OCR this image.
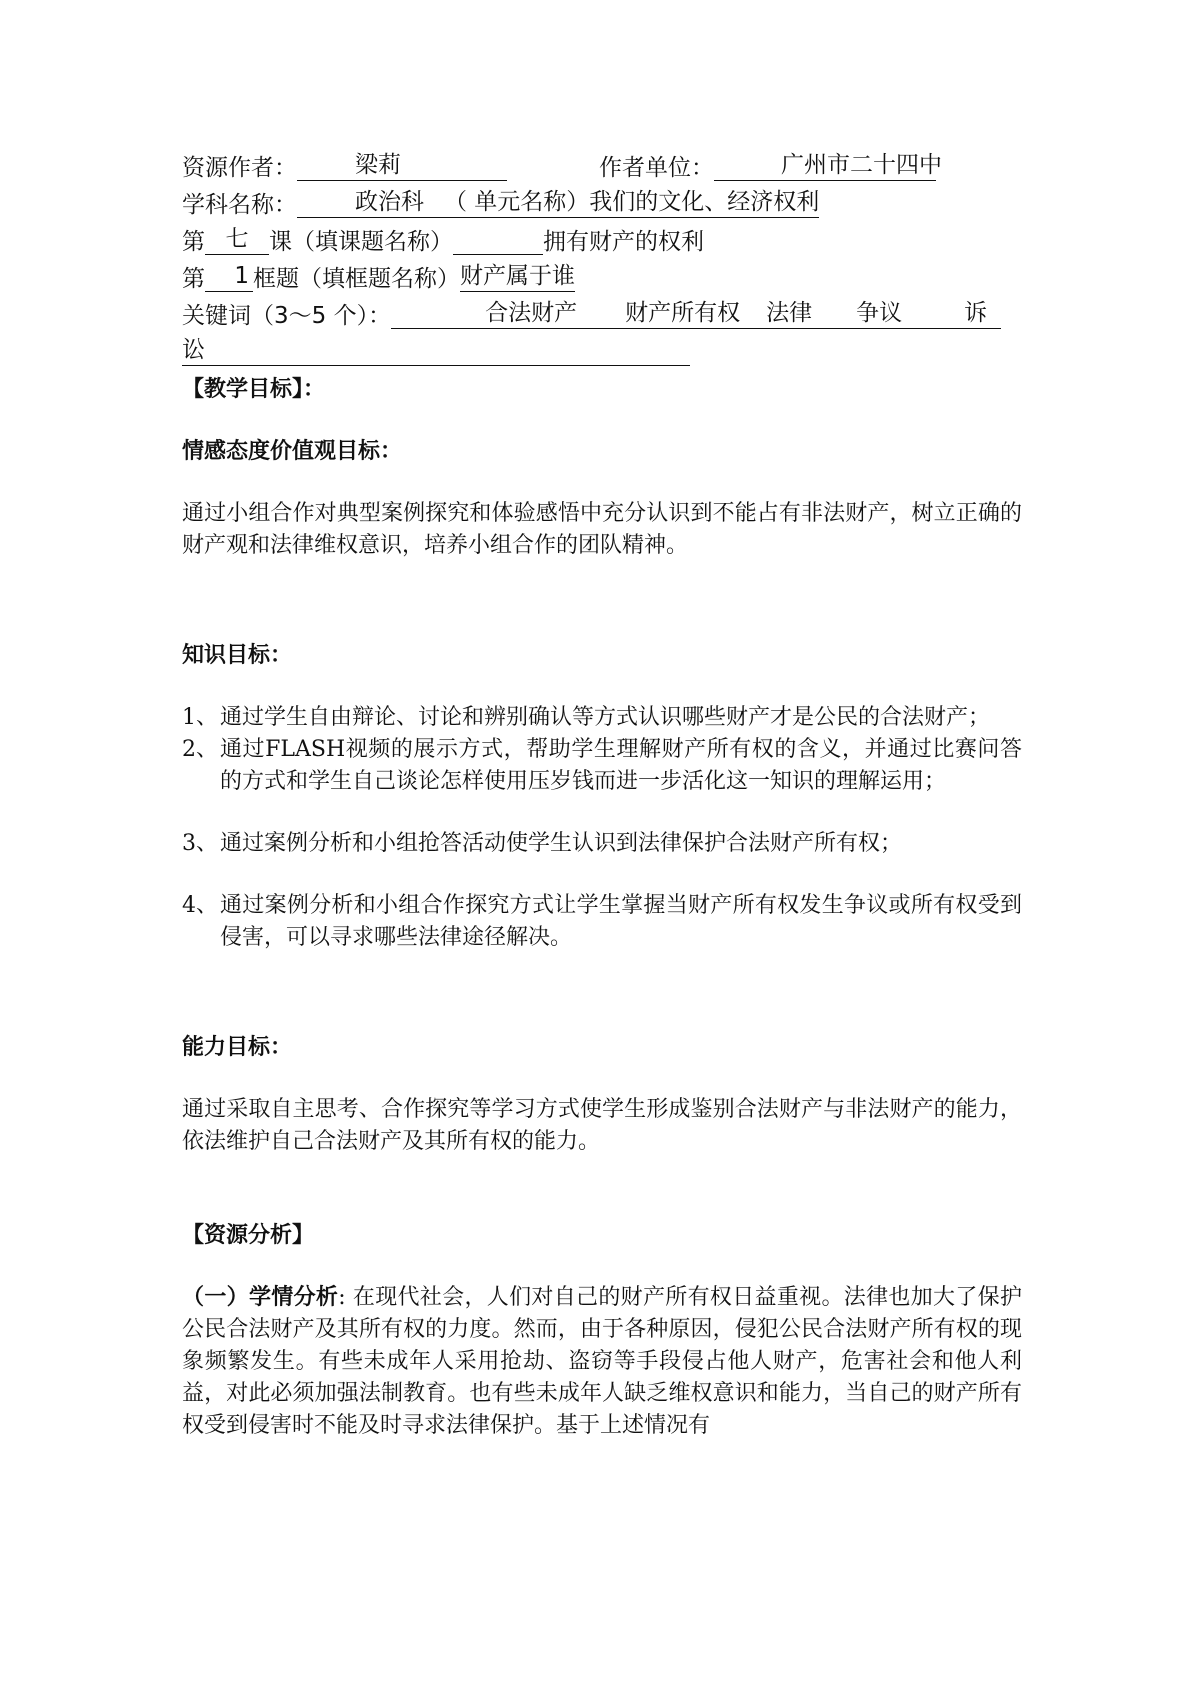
资源作者：	梁莉	作者单位：	广州市二十四中
学科名称：	政治科 （ 单元名称）我们的文化、经济权利
第 七 课（填课题名称）	拥有财产的权利
第 1 框题（填框题名称）财产属于谁
关键词（3～5 个）：	合法财产 财产所有权 法律 争议	诉
讼
【教学目标】：
情感态度价值观目标：
通过小组合作对典型案例探究和体验感悟中充分认识到不能占有非法财产，树立正确的财产观和法律维权意识，培养小组合作的团队精神。
知识目标：
1、 通过学生自由辩论、讨论和辨别确认等方式认识哪些财产才是公民的合法财产；
2、 通过FLASH视频的展示方式，帮助学生理解财产所有权的含义，并通过比赛问答的方式和学生自己谈论怎样使用压岁钱而进一步活化这一知识的理解运用；
3、 通过案例分析和小组抢答活动使学生认识到法律保护合法财产所有权；
4、 通过案例分析和小组合作探究方式让学生掌握当财产所有权发生争议或所有权受到侵害，可以寻求哪些法律途径解决。
能力目标：
通过采取自主思考、合作探究等学习方式使学生形成鉴别合法财产与非法财产的能力，依法维护自己合法财产及其所有权的能力。
【资源分析】
（一）学情分析: 在现代社会，人们对自己的财产所有权日益重视。法律也加大了保护公民合法财产及其所有权的力度。然而，由于各种原因，侵犯公民合法财产所有权的现象频繁发生。有些未成年人采用抢劫、盗窃等手段侵占他人财产，危害社会和他人利益，对此必须加强法制教育。也有些未成年人缺乏维权意识和能力，当自己的财产所有权受到侵害时不能及时寻求法律保护。基于上述情况有
